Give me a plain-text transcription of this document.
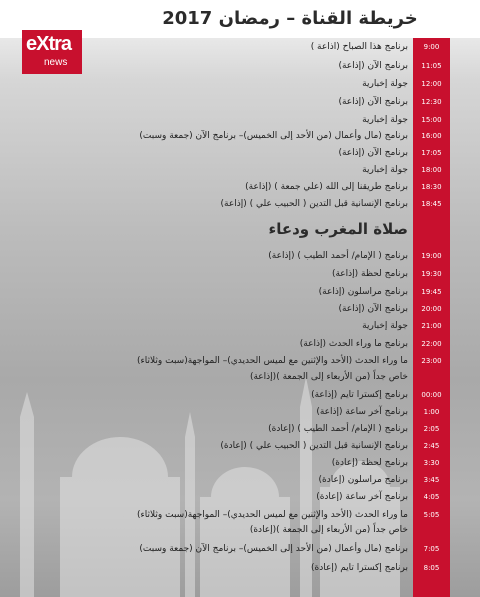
خريطة القناة – رمضان 2017
eXtra
news
صلاة المغرب ودعاء
9:00
برنامج هذا الصباح (اذاعة )
11:05
برنامج الآن (إذاعة)
12:00
جولة إخبارية
12:30
برنامج الآن (إذاعة)
15:00
جولة إخبارية
16:00
برنامج (مال وأعمال (من الأحد إلى الخميس)– برنامج الآن (جمعة وسبت)
17:05
برنامج الآن (إذاعة)
18:00
جولة إخبارية
18:30
برنامج طريقنا إلى الله (علي جمعة ) (إذاعة)
18:45
برنامج الإنسانية قبل التدين ( الحبيب علي ) (إذاعة)
19:00
برنامج ( الإمام/ أحمد الطيب ) (إذاعة)
19:30
برنامج لحظة (إذاعة)
19:45
برنامج مراسلون (إذاعة)
20:00
برنامج الآن (إذاعة)
21:00
جولة إخبارية
22:00
برنامج ما وراء الحدث (إذاعة)
23:00
ما وراء الحدث (الأحد والإثنين مع لميس الحديدي)– المواجهة(سبت وثلاثاء)
خاص جداً (من الأربعاء إلى الجمعة )(إذاعة)
00:00
برنامج إكسترا تايم (إذاعة)
1:00
برنامج آخر ساعة (إذاعة)
2:05
برنامج ( الإمام/ أحمد الطيب ) (إعادة)
2:45
برنامج الإنسانية قبل التدين ( الحبيب علي ) (إعادة)
3:30
برنامج لحظة (إعادة)
3:45
برنامج مراسلون (إعادة)
4:05
برنامج آخر ساعة (إعادة)
5:05
ما وراء الحدث (الأحد والإثنين مع لميس الحديدي)– المواجهة(سبت وثلاثاء)
خاص جداً (من الأربعاء إلى الجمعة )(إعادة)
7:05
برنامج (مال وأعمال (من الأحد إلى الخميس)– برنامج الآن (جمعة وسبت)
8:05
برنامج إكسترا تايم (إعادة)
